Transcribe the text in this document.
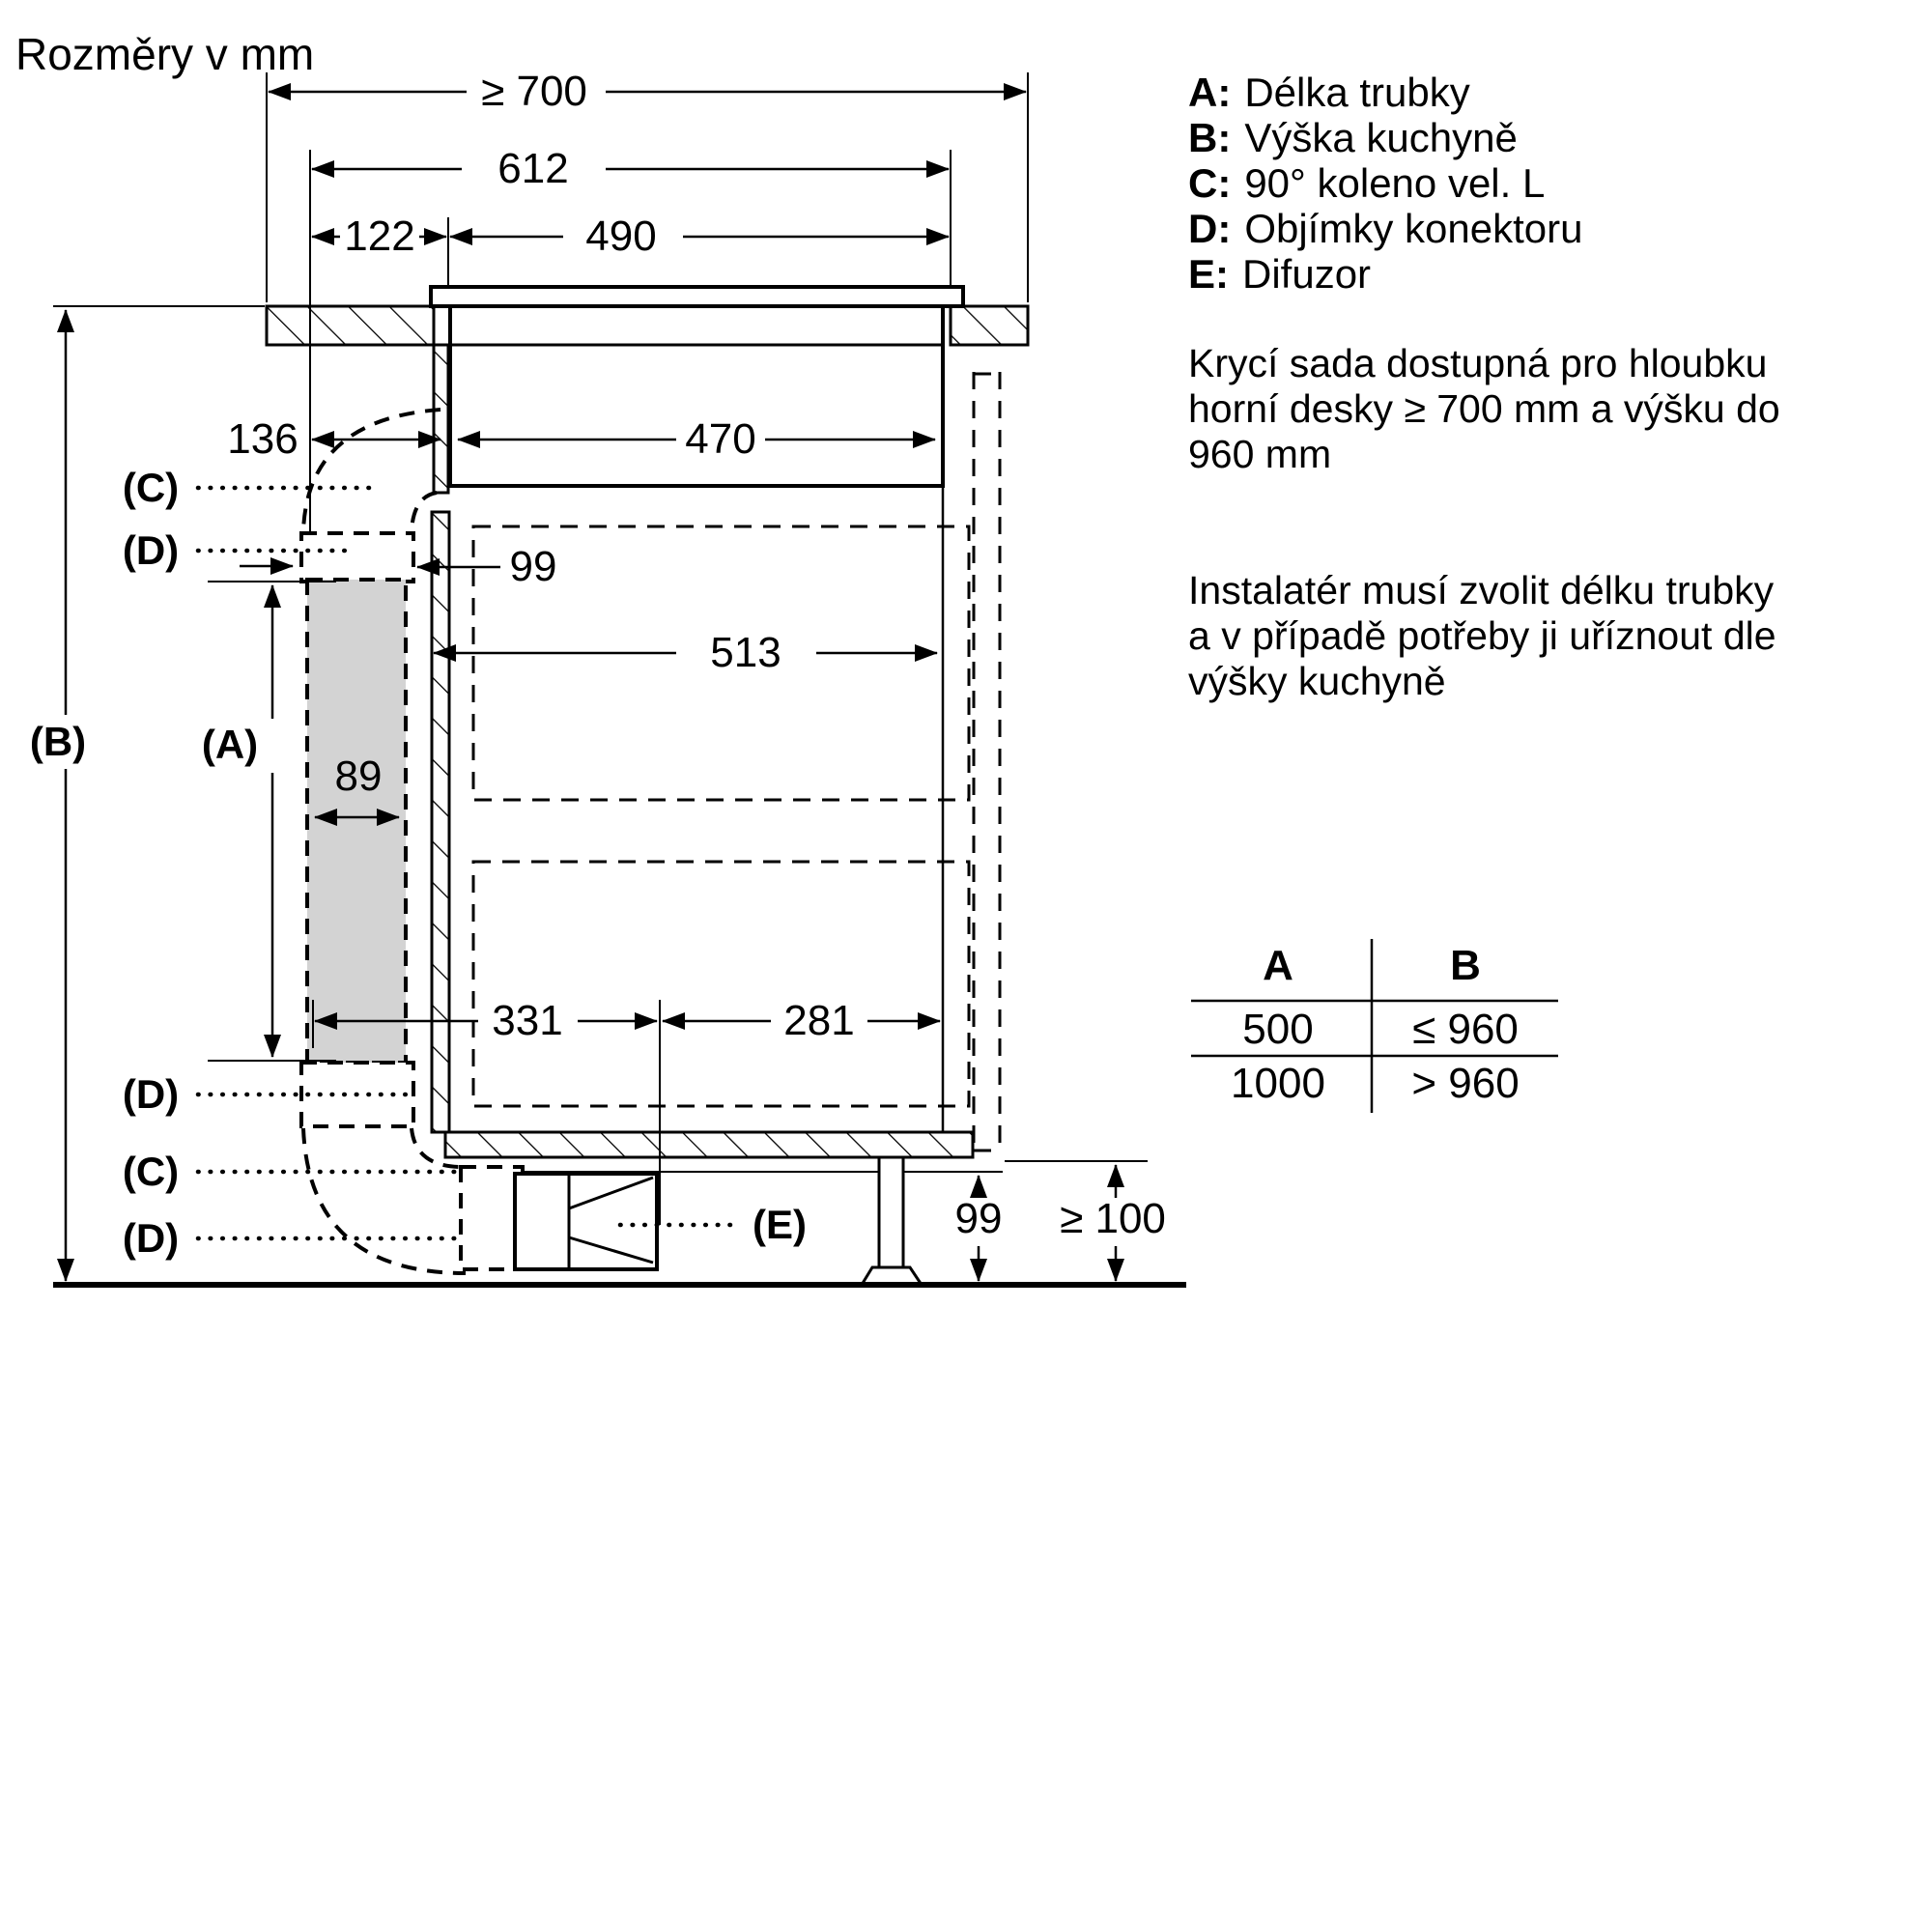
Rozměry v mm
≥ 700
612
122	490
136	470
99
513
89
(A)
(B)
(C)
(D)
331	281
(D)
(C)
(D)	(E)	99 ≥ 100
A: Délka trubky
B: Výška kuchyně
C: 90° koleno vel. L
D: Objímky konektoru
E: Difuzor
Krycí sada dostupná pro hloubku
horní desky ≥ 700 mm a výšku do
960 mm
Instalatér musí zvolit délku trubky
a v případě potřeby ji uříznout dle
výšky kuchyně
A	B
500 ≤ 960
1000 > 960
